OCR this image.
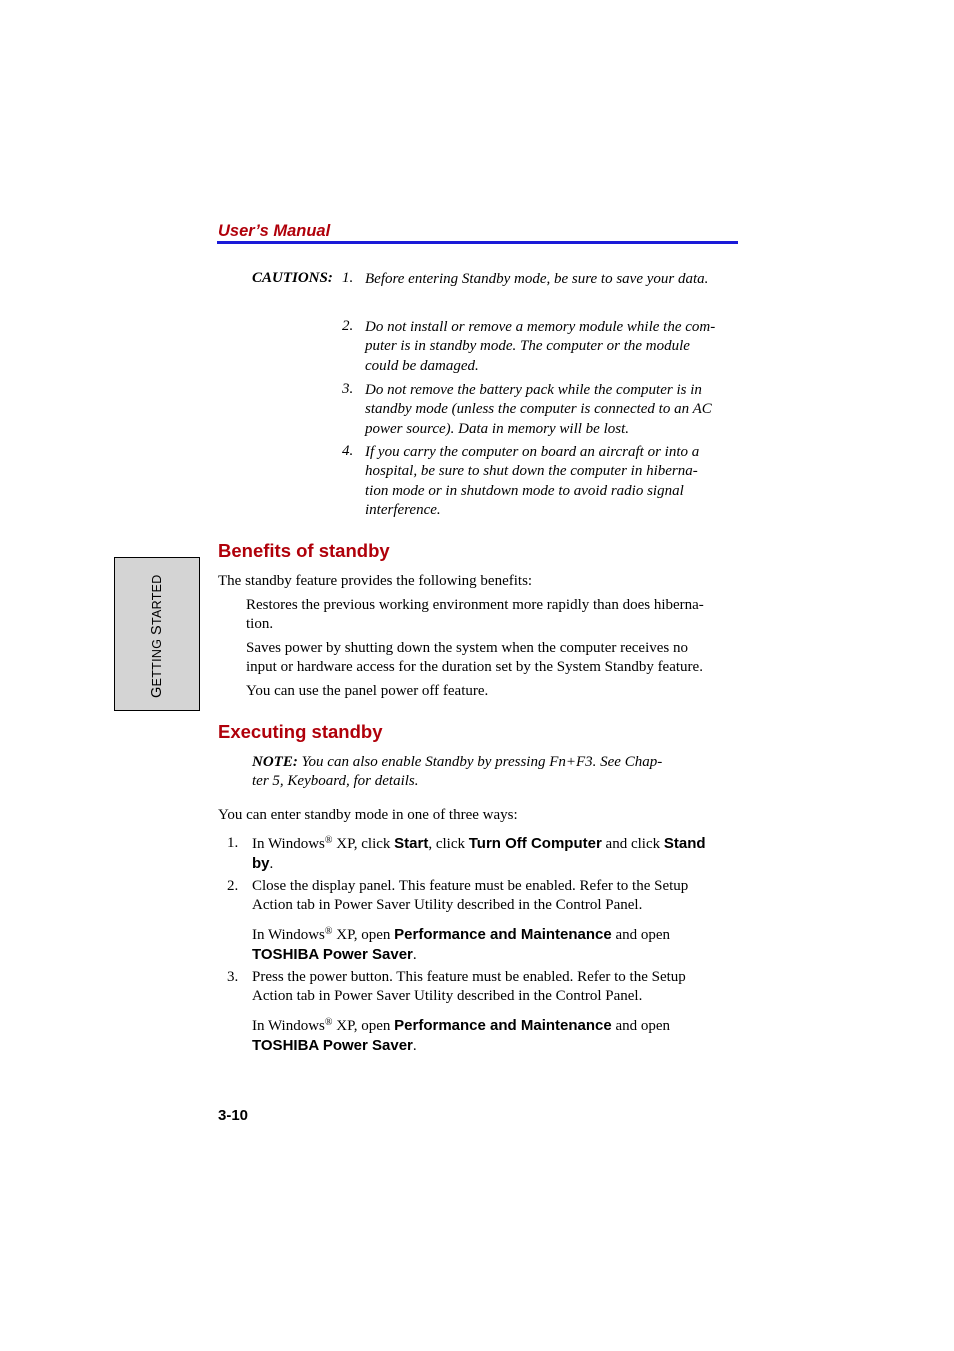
User’s Manual
GETTING STARTED
CAUTIONS: 1. Before entering Standby mode, be sure to save your data.
2. Do not install or remove a memory module while the com-
puter is in standby mode. The computer or the module
could be damaged.
3. Do not remove the battery pack while the computer is in
standby mode (unless the computer is connected to an AC
power source). Data in memory will be lost.
4. If you carry the computer on board an aircraft or into a
hospital, be sure to shut down the computer in hiberna-
tion mode or in shutdown mode to avoid radio signal
interference.
Benefits of standby
The standby feature provides the following benefits:
Restores the previous working environment more rapidly than does hiberna-
tion.
Saves power by shutting down the system when the computer receives no
input or hardware access for the duration set by the System Standby feature.
You can use the panel power off feature.
Executing standby
NOTE: You can also enable Standby by pressing Fn+F3. See Chap-
ter 5, Keyboard, for details.
You can enter standby mode in one of three ways:
1. In Windows® XP, click Start, click Turn Off Computer and click Stand
by.
2. Close the display panel. This feature must be enabled. Refer to the Setup
Action tab in Power Saver Utility described in the Control Panel.
In Windows® XP, open Performance and Maintenance and open
TOSHIBA Power Saver.
3. Press the power button. This feature must be enabled. Refer to the Setup
Action tab in Power Saver Utility described in the Control Panel.
In Windows® XP, open Performance and Maintenance and open
TOSHIBA Power Saver.
3-10
